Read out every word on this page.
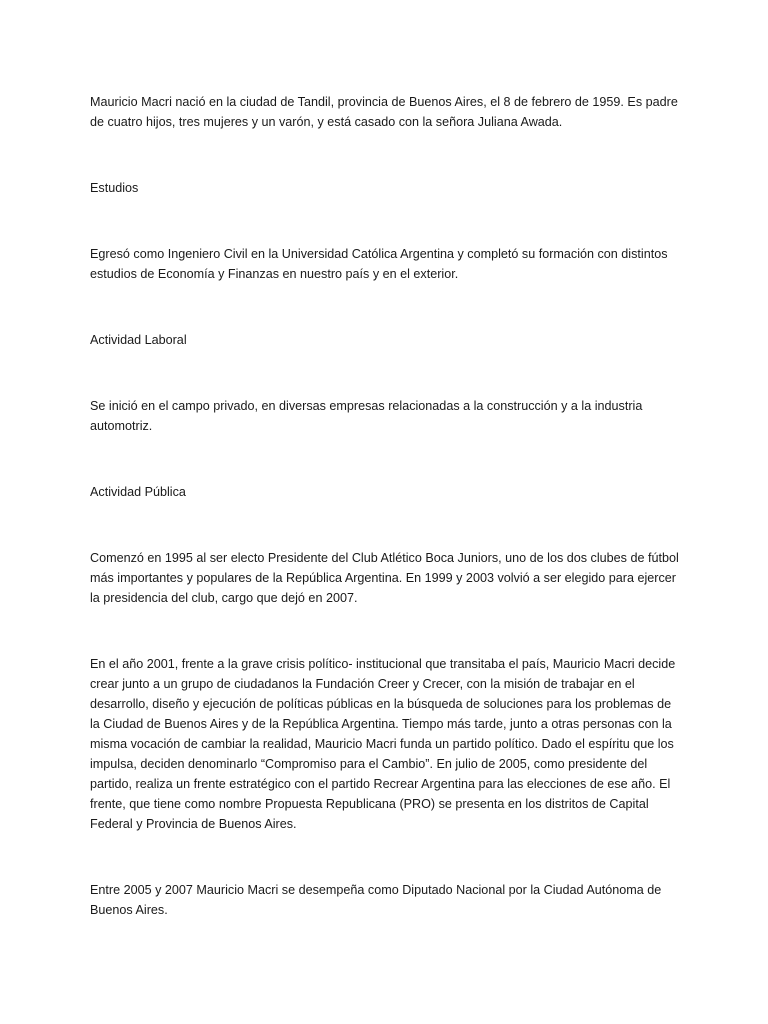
Mauricio Macri nació en la ciudad de Tandil, provincia de Buenos Aires, el 8 de febrero de 1959. Es padre de cuatro hijos, tres mujeres y un varón, y está casado con la señora Juliana Awada.

Estudios

Egresó como Ingeniero Civil en la Universidad Católica Argentina y completó su formación con distintos estudios de Economía y Finanzas en nuestro país y en el exterior.

Actividad Laboral

Se inició en el campo privado, en diversas empresas relacionadas a la construcción y a la industria automotriz.

Actividad Pública

Comenzó en 1995 al ser electo Presidente del Club Atlético Boca Juniors, uno de los dos clubes de fútbol más importantes y populares de la República Argentina. En 1999 y 2003 volvió a ser elegido para ejercer la presidencia del club, cargo que dejó en 2007.

En el año 2001, frente a la grave crisis político- institucional que transitaba el país, Mauricio Macri decide crear junto a un grupo de ciudadanos la Fundación Creer y Crecer, con la misión de trabajar en el desarrollo, diseño y ejecución de políticas públicas en la búsqueda de soluciones para los problemas de la Ciudad de Buenos Aires y de la República Argentina. Tiempo más tarde, junto a otras personas con la misma vocación de cambiar la realidad, Mauricio Macri funda un partido político. Dado el espíritu que los impulsa, deciden denominarlo “Compromiso para el Cambio”. En julio de 2005, como presidente del partido, realiza un frente estratégico con el partido Recrear Argentina para las elecciones de ese año. El frente, que tiene como nombre Propuesta Republicana (PRO) se presenta en los distritos de Capital Federal y Provincia de Buenos Aires.

Entre 2005 y 2007 Mauricio Macri se desempeña como Diputado Nacional por la Ciudad Autónoma de Buenos Aires.
